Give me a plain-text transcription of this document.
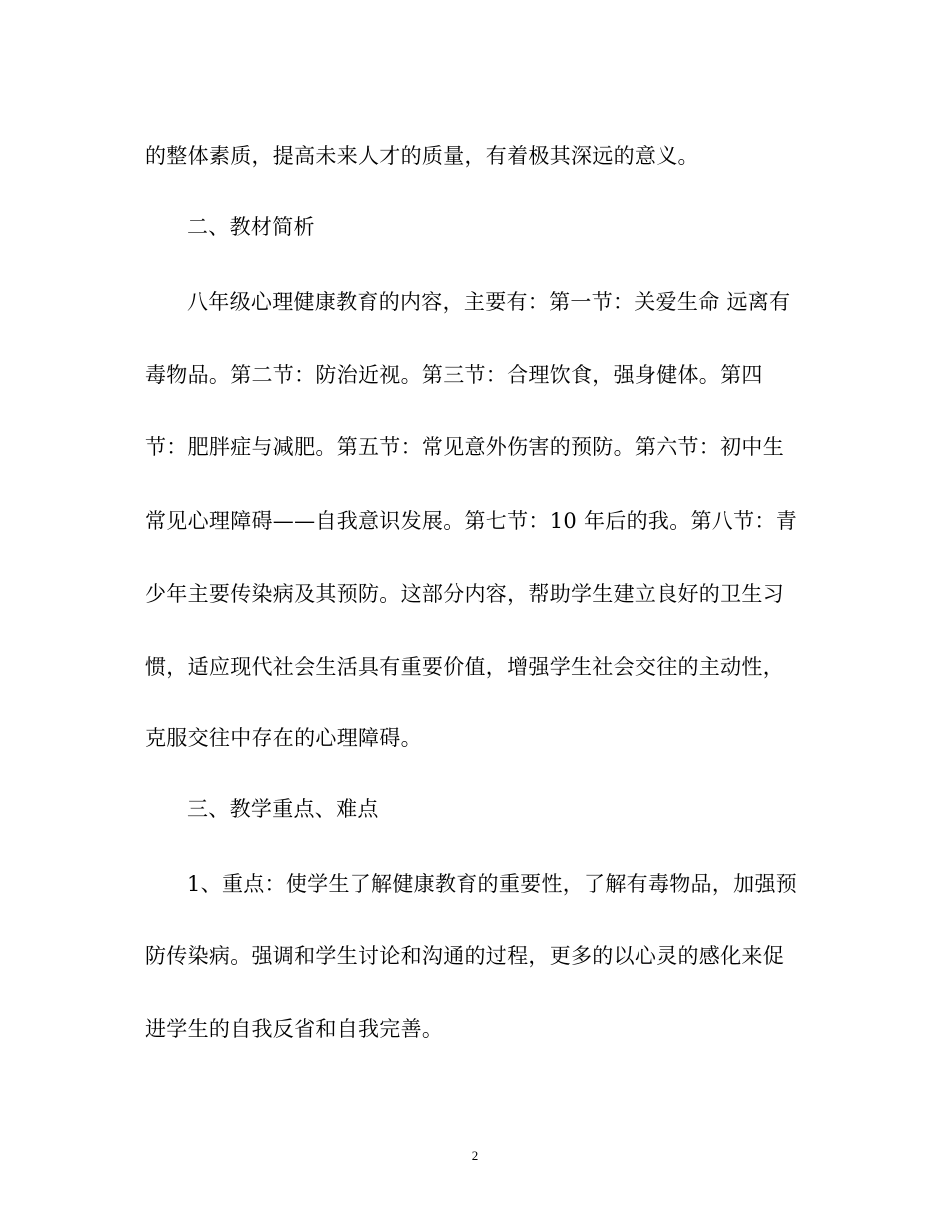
的整体素质，提高未来人才的质量，有着极其深远的意义。
二、教材简析
八年级心理健康教育的内容，主要有：第一节：关爱生命 远离有
毒物品。第二节：防治近视。第三节：合理饮食，强身健体。第四
节：肥胖症与减肥。第五节：常见意外伤害的预防。第六节：初中生
常见心理障碍——自我意识发展。第七节：10 年后的我。第八节：青
少年主要传染病及其预防。这部分内容，帮助学生建立良好的卫生习
惯，适应现代社会生活具有重要价值，增强学生社会交往的主动性，
克服交往中存在的心理障碍。
三、教学重点、难点
1、重点：使学生了解健康教育的重要性，了解有毒物品，加强预
防传染病。强调和学生讨论和沟通的过程，更多的以心灵的感化来促
进学生的自我反省和自我完善。
2
